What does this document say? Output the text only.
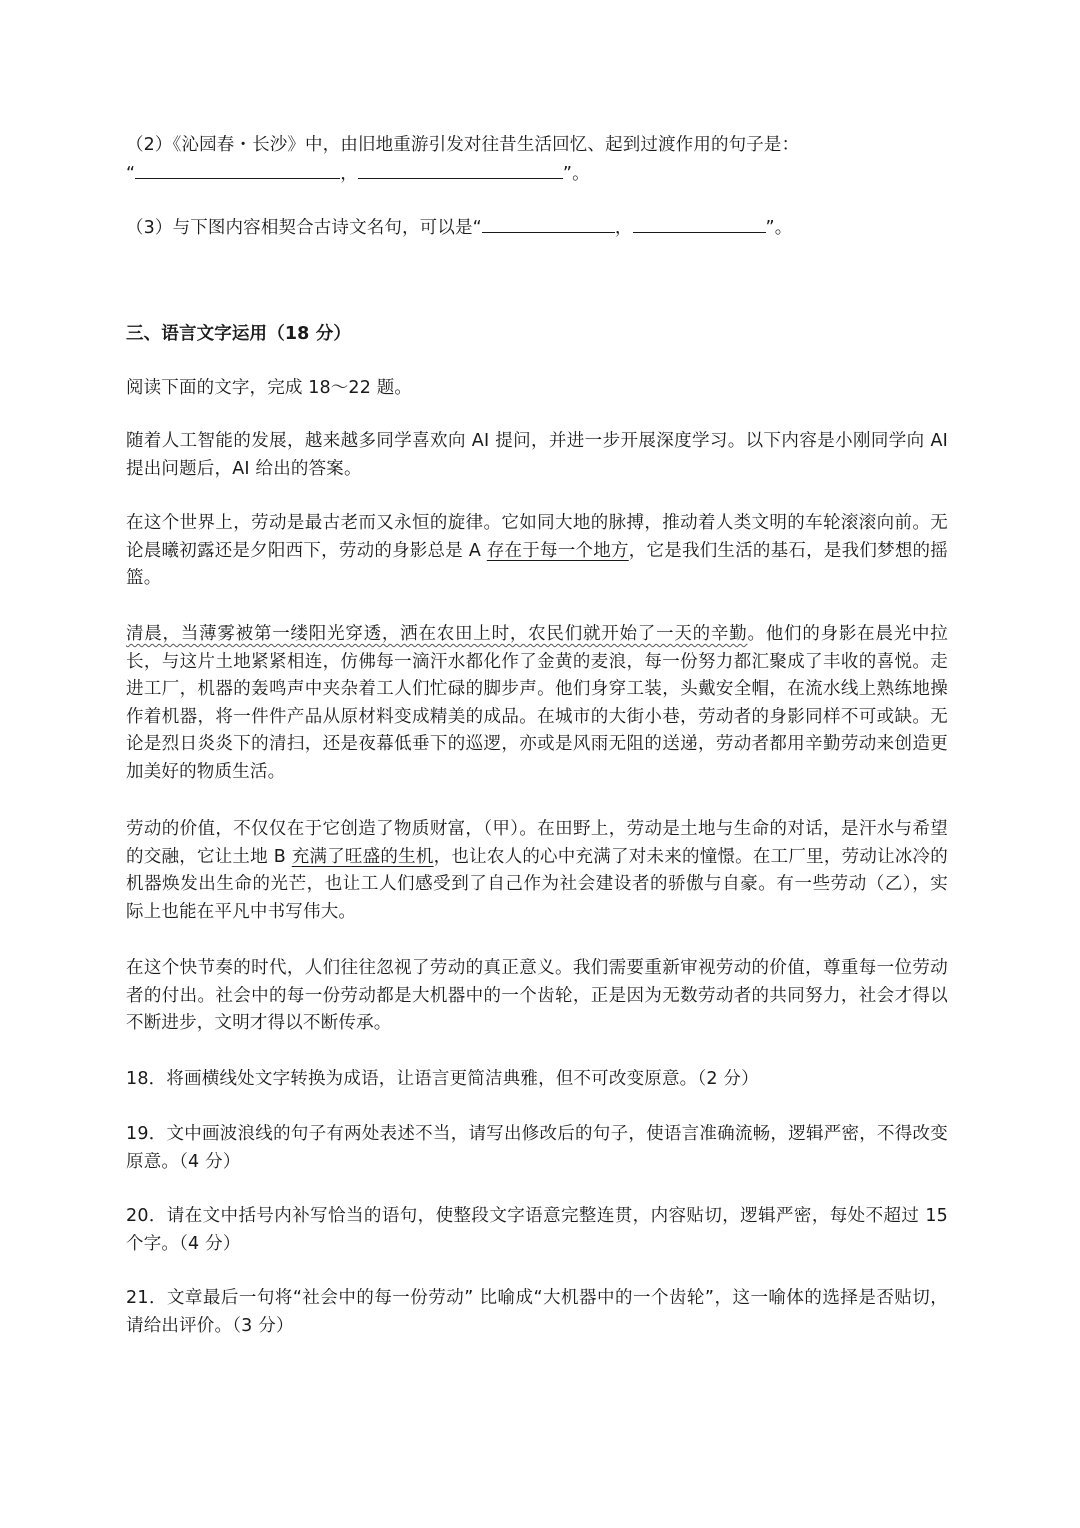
（2）《沁园春・长沙》中，由旧地重游引发对往昔生活回忆、起到过渡作用的句子是：
“	，	”。
（3）与下图内容相契合古诗文名句，可以是“	，	”。
三、语言文字运用（18 分）
阅读下面的文字，完成 18～22 题。
随着人工智能的发展，越来越多同学喜欢向 AI 提问，并进一步开展深度学习。以下内容是小刚同学向 AI 提出问题后，AI 给出的答案。
在这个世界上，劳动是最古老而又永恒的旋律。它如同大地的脉搏，推动着人类文明的车轮滚滚向前。无论晨曦初露还是夕阳西下，劳动的身影总是 A 存在于每一个地方，它是我们生活的基石，是我们梦想的摇篮。
清晨，当薄雾被第一缕阳光穿透，洒在农田上时，农民们就开始了一天的辛勤。他们的身影在晨光中拉长，与这片土地紧紧相连，仿佛每一滴汗水都化作了金黄的麦浪，每一份努力都汇聚成了丰收的喜悦。走进工厂，机器的轰鸣声中夹杂着工人们忙碌的脚步声。他们身穿工装，头戴安全帽，在流水线上熟练地操作着机器，将一件件产品从原材料变成精美的成品。在城市的大街小巷，劳动者的身影同样不可或缺。无论是烈日炎炎下的清扫，还是夜幕低垂下的巡逻，亦或是风雨无阻的送递，劳动者都用辛勤劳动来创造更加美好的物质生活。
劳动的价值，不仅仅在于它创造了物质财富，（甲）。在田野上，劳动是土地与生命的对话，是汗水与希望的交融，它让土地 B 充满了旺盛的生机，也让农人的心中充满了对未来的憧憬。在工厂里，劳动让冰冷的机器焕发出生命的光芒，也让工人们感受到了自己作为社会建设者的骄傲与自豪。有一些劳动（乙），实际上也能在平凡中书写伟大。
在这个快节奏的时代，人们往往忽视了劳动的真正意义。我们需要重新审视劳动的价值，尊重每一位劳动者的付出。社会中的每一份劳动都是大机器中的一个齿轮，正是因为无数劳动者的共同努力，社会才得以不断进步，文明才得以不断传承。
18．将画横线处文字转换为成语，让语言更简洁典雅，但不可改变原意。（2 分）
19．文中画波浪线的句子有两处表述不当，请写出修改后的句子，使语言准确流畅，逻辑严密，不得改变原意。（4 分）
20．请在文中括号内补写恰当的语句，使整段文字语意完整连贯，内容贴切，逻辑严密，每处不超过 15 个字。（4 分）
21．文章最后一句将“社会中的每一份劳动” 比喻成“大机器中的一个齿轮”，这一喻体的选择是否贴切，请给出评价。（3 分）
